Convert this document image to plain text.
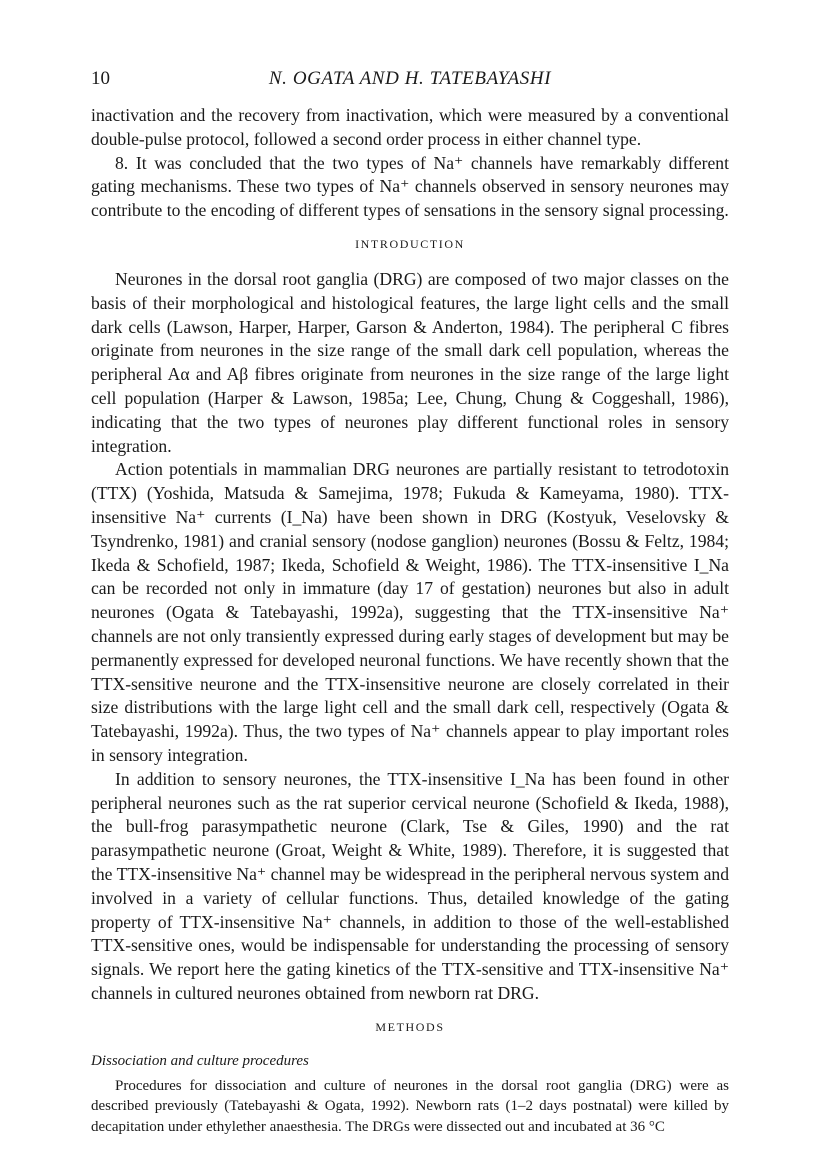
10	N. OGATA AND H. TATEBAYASHI

inactivation and the recovery from inactivation, which were measured by a conventional double-pulse protocol, followed a second order process in either channel type.

8. It was concluded that the two types of Na⁺ channels have remarkably different gating mechanisms. These two types of Na⁺ channels observed in sensory neurones may contribute to the encoding of different types of sensations in the sensory signal processing.

INTRODUCTION

Neurones in the dorsal root ganglia (DRG) are composed of two major classes on the basis of their morphological and histological features, the large light cells and the small dark cells (Lawson, Harper, Harper, Garson & Anderton, 1984). The peripheral C fibres originate from neurones in the size range of the small dark cell population, whereas the peripheral Aα and Aβ fibres originate from neurones in the size range of the large light cell population (Harper & Lawson, 1985a; Lee, Chung, Chung & Coggeshall, 1986), indicating that the two types of neurones play different functional roles in sensory integration.

Action potentials in mammalian DRG neurones are partially resistant to tetrodotoxin (TTX) (Yoshida, Matsuda & Samejima, 1978; Fukuda & Kameyama, 1980). TTX-insensitive Na⁺ currents (I_Na) have been shown in DRG (Kostyuk, Veselovsky & Tsyndrenko, 1981) and cranial sensory (nodose ganglion) neurones (Bossu & Feltz, 1984; Ikeda & Schofield, 1987; Ikeda, Schofield & Weight, 1986). The TTX-insensitive I_Na can be recorded not only in immature (day 17 of gestation) neurones but also in adult neurones (Ogata & Tatebayashi, 1992a), suggesting that the TTX-insensitive Na⁺ channels are not only transiently expressed during early stages of development but may be permanently expressed for developed neuronal functions. We have recently shown that the TTX-sensitive neurone and the TTX-insensitive neurone are closely correlated in their size distributions with the large light cell and the small dark cell, respectively (Ogata & Tatebayashi, 1992a). Thus, the two types of Na⁺ channels appear to play important roles in sensory integration.

In addition to sensory neurones, the TTX-insensitive I_Na has been found in other peripheral neurones such as the rat superior cervical neurone (Schofield & Ikeda, 1988), the bull-frog parasympathetic neurone (Clark, Tse & Giles, 1990) and the rat parasympathetic neurone (Groat, Weight & White, 1989). Therefore, it is suggested that the TTX-insensitive Na⁺ channel may be widespread in the peripheral nervous system and involved in a variety of cellular functions. Thus, detailed knowledge of the gating property of TTX-insensitive Na⁺ channels, in addition to those of the well-established TTX-sensitive ones, would be indispensable for understanding the processing of sensory signals. We report here the gating kinetics of the TTX-sensitive and TTX-insensitive Na⁺ channels in cultured neurones obtained from newborn rat DRG.

METHODS
Dissociation and culture procedures

Procedures for dissociation and culture of neurones in the dorsal root ganglia (DRG) were as described previously (Tatebayashi & Ogata, 1992). Newborn rats (1–2 days postnatal) were killed by decapitation under ethylether anaesthesia. The DRGs were dissected out and incubated at 36 °C
